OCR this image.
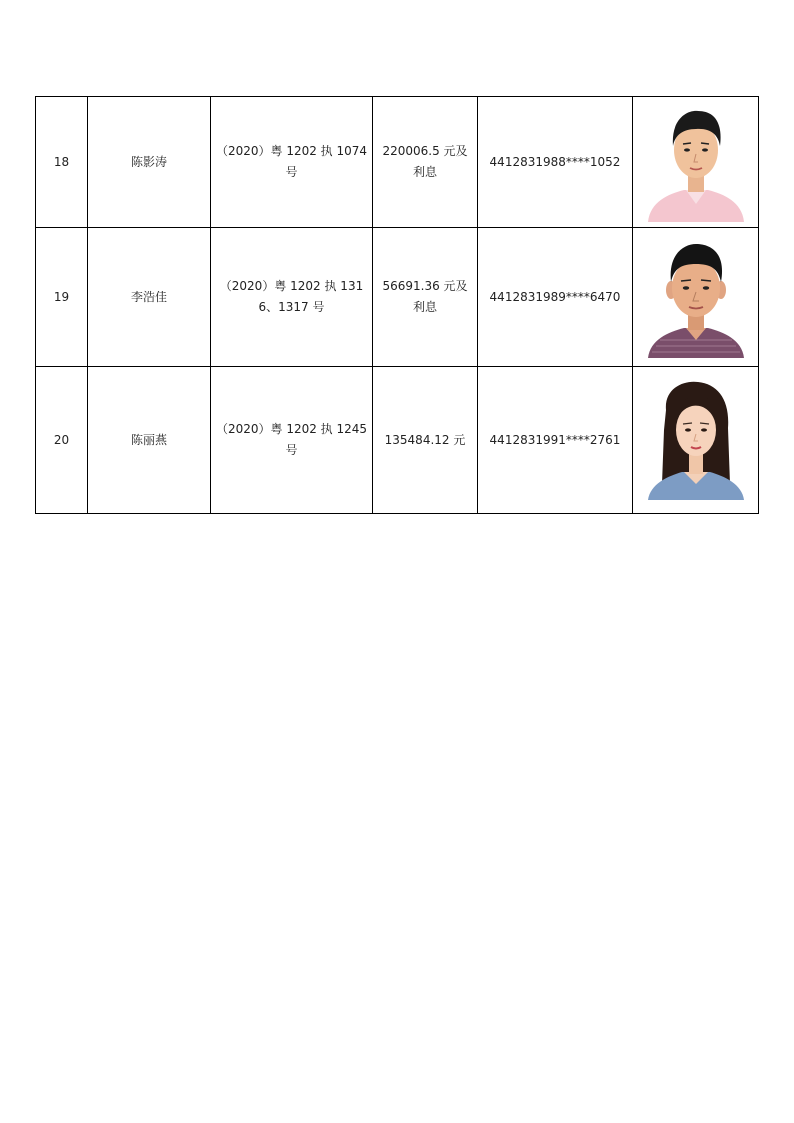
18	陈影涛	（2020）粤 1202 执 1074 号	220006.5 元及利息	4412831988****1052	

19	李浩佳	（2020）粤 1202 执 1316、1317 号	56691.36 元及利息	4412831989****6470	

20	陈丽燕	（2020）粤 1202 执 1245 号	135484.12 元	4412831991****2761	
